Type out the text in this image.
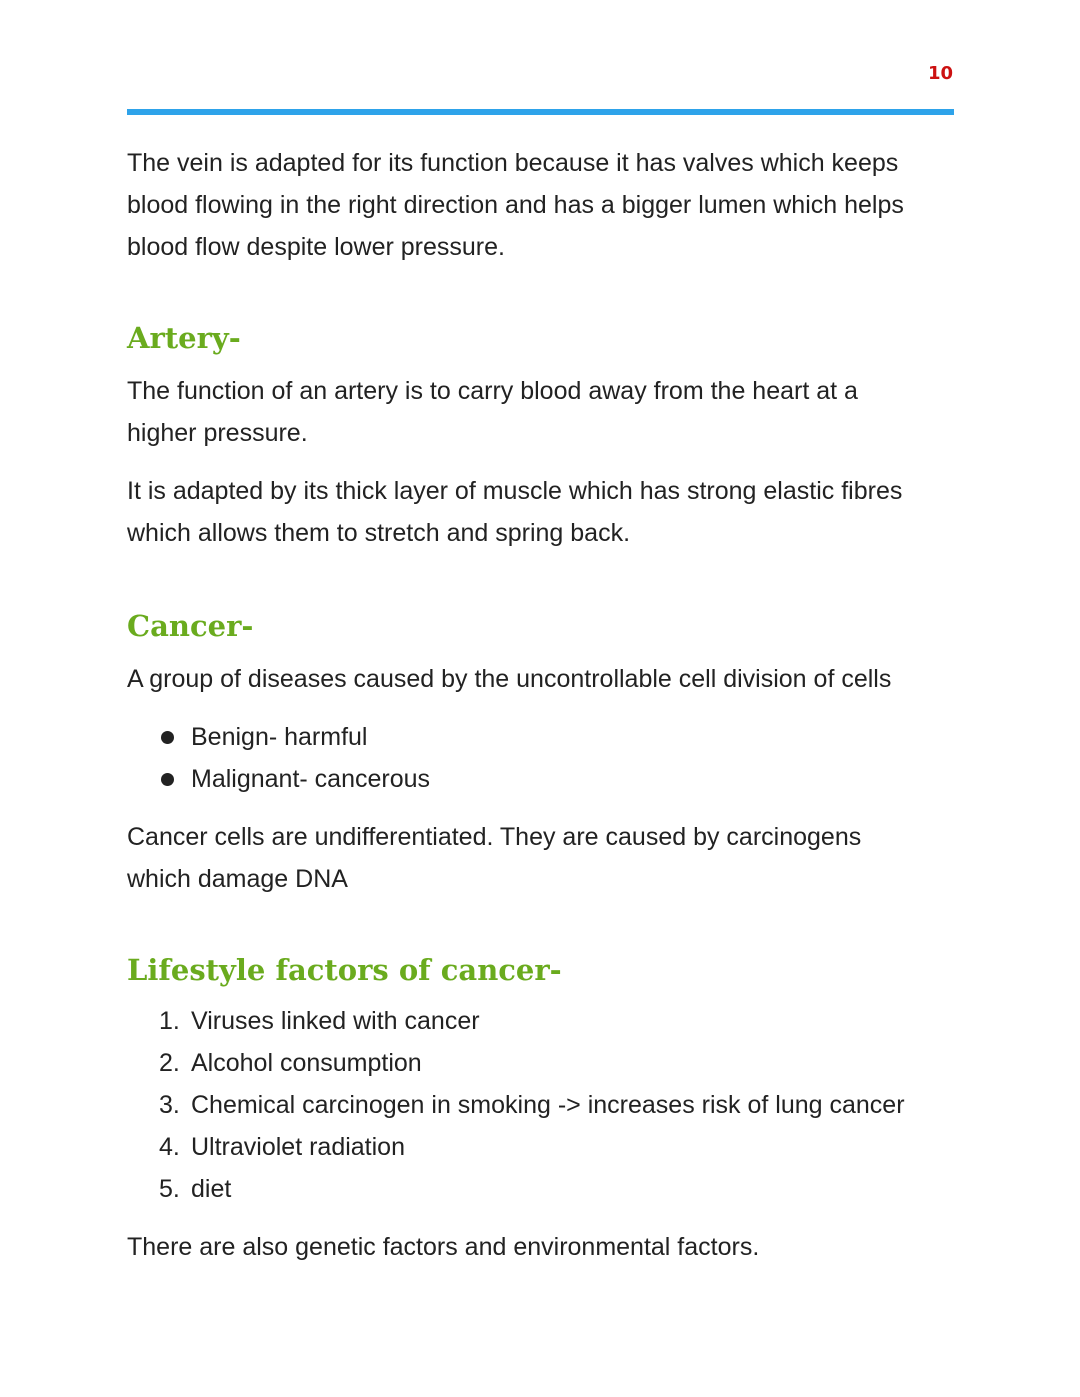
10

The vein is adapted for its function because it has valves which keeps blood flowing in the right direction and has a bigger lumen which helps blood flow despite lower pressure.

Artery-

The function of an artery is to carry blood away from the heart at a higher pressure.

It is adapted by its thick layer of muscle which has strong elastic fibres which allows them to stretch and spring back.

Cancer-

A group of diseases caused by the uncontrollable cell division of cells

Benign- harmful
Malignant- cancerous

Cancer cells are undifferentiated. They are caused by carcinogens which damage DNA

Lifestyle factors of cancer-
1. Viruses linked with cancer
2. Alcohol consumption
3. Chemical carcinogen in smoking -> increases risk of lung cancer
4. Ultraviolet radiation
5. diet

There are also genetic factors and environmental factors.
